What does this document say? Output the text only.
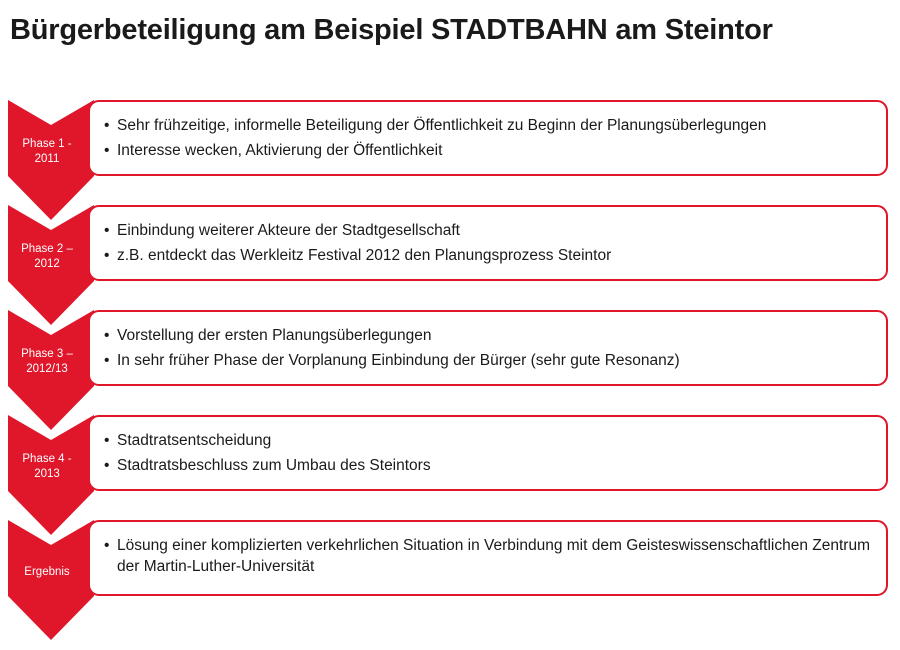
Bürgerbeteiligung am Beispiel STADTBAHN am Steintor
Phase 1 -
2011
• Sehr frühzeitige, informelle Beteiligung der Öffentlichkeit zu Beginn der Planungsüberlegungen
• Interesse wecken, Aktivierung der Öffentlichkeit
Phase 2 –
2012
• Einbindung weiterer Akteure der Stadtgesellschaft
• z.B. entdeckt das Werkleitz Festival 2012 den Planungsprozess Steintor
Phase 3 –
2012/13
• Vorstellung der ersten Planungsüberlegungen
• In sehr früher Phase der Vorplanung Einbindung der Bürger (sehr gute Resonanz)
Phase 4 -
2013
• Stadtratsentscheidung
• Stadtratsbeschluss zum Umbau des Steintors
Ergebnis
• Lösung einer komplizierten verkehrlichen Situation in Verbindung mit dem Geisteswissenschaftlichen Zentrum der Martin-Luther-Universität
